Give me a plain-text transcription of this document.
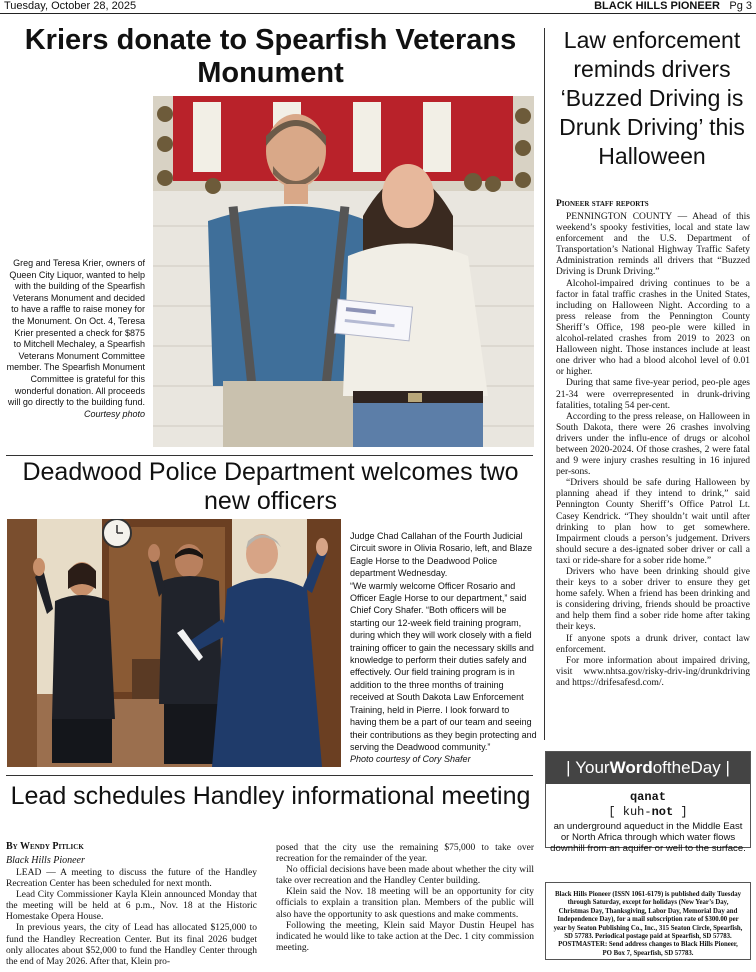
Tuesday, October 28, 2025	BLACK HILLS PIONEER Pg 3
Kriers donate to Spearfish Veterans Monument
Greg and Teresa Krier, owners of Queen City Liquor, wanted to help with the building of the Spearfish Veterans Monument and decided to have a raffle to raise money for the Monument. On Oct. 4, Teresa Krier presented a check for $875 to Mitchell Mechaley, a Spearfish Veterans Monument Committee member. The Spearfish Monument Committee is grateful for this wonderful donation. All proceeds will go directly to the building fund.
Courtesy photo
Deadwood Police Department welcomes two new officers
Judge Chad Callahan of the Fourth Judicial Circuit swore in Olivia Rosario, left, and Blaze Eagle Horse to the Deadwood Police department Wednesday.
“We warmly welcome Officer Rosario and Officer Eagle Horse to our department,” said Chief Cory Shafer. “Both officers will be starting our 12-week field training program, during which they will work closely with a field training officer to gain the necessary skills and knowledge to perform their duties safely and effectively. Our field training program is in addition to the three months of training received at South Dakota Law Enforcement Training, held in Pierre. I look forward to having them be a part of our team and seeing their contributions as they begin protecting and serving the Deadwood community.”
Photo courtesy of Cory Shafer
Lead schedules Handley informational meeting
By Wendy Pitlick
Black Hills Pioneer

LEAD — A meeting to discuss the future of the Handley Recreation Center has been scheduled for next month.

Lead City Commissioner Kayla Klein announced Monday that the meeting will be held at 6 p.m., Nov. 18 at the Historic Homestake Opera House.

In previous years, the city of Lead has allocated $125,000 to fund the Handley Recreation Center. But its final 2026 budget only allocates about $52,000 to fund the Handley Center through the end of May 2026. After that, Klein pro-

posed that the city use the remaining $75,000 to take over recreation for the remainder of the year.

No official decisions have been made about whether the city will take over recreation and the Handley Center building.

Klein said the Nov. 18 meeting will be an opportunity for city officials to explain a transition plan. Members of the public will also have the opportunity to ask questions and make comments.

Following the meeting, Klein said Mayor Dustin Heupel has indicated he would like to take action at the Dec. 1 city commission meeting.

Law enforcement reminds drivers ‘Buzzed Driving is Drunk Driving’ this Halloween
Pioneer staff reports

PENNINGTON COUNTY — Ahead of this weekend’s spooky festivities, local and state law enforcement and the U.S. Department of Transportation’s National Highway Traffic Safety Administration reminds all drivers that “Buzzed Driving is Drunk Driving.”

Alcohol-impaired driving continues to be a factor in fatal traffic crashes in the United States, including on Halloween Night. According to a press release from the Pennington County Sheriff’s Office, 198 peo-ple were killed in alcohol-related crashes from 2019 to 2023 on Halloween night. Those instances include at least one driver who had a blood alcohol level of 0.01 or higher.

During that same five-year period, peo-ple ages 21-34 were overrepresented in drunk-driving fatalities, totaling 54 per-cent.

According to the press release, on Halloween in South Dakota, there were 26 crashes involving drivers under the influ-ence of drugs or alcohol between 2020-2024. Of those crashes, 2 were fatal and 9 were injury crashes resulting in 16 injured per-sons.

“Drivers should be safe during Halloween by planning ahead if they intend to drink,” said Pennington County Sheriff’s Office Patrol Lt. Casey Kendrick. “They shouldn’t wait until after drinking to plan how to get somewhere. Impairment clouds a person’s judgement. Drivers should secure a des-ignated sober driver or call a taxi or ride-share for a sober ride home.”

Drivers who have been drinking should give their keys to a sober driver to ensure they get home safely. When a friend has been drinking and is considering driving, friends should be proactive and help them find a sober ride home after taking their keys.

If anyone spots a drunk driver, contact law enforcement.

For more information about impaired driving, visit www.nhtsa.gov/risky-driv-ing/drunkdriving and https://drifesafesd.com/.

| YourWordoftheDay |
qanat
[ kuh-not ]
an underground aqueduct in the Middle East or North Africa through which water flows downhill from an aquifer or well to the surface.
Black Hills Pioneer (ISSN 1061-6179) is published daily Tuesday through Saturday, except for holidays (New Year’s Day, Christmas Day, Thanksgiving, Labor Day, Memorial Day and Independence Day), for a mail subscription rate of $300.00 per year by Seaton Publishing Co., Inc., 315 Seaton Circle, Spearfish, SD 57783. Periodical postage paid at Spearfish, SD 57783. POSTMASTER: Send address changes to Black Hills Pioneer, PO Box 7, Spearfish, SD 57783.
